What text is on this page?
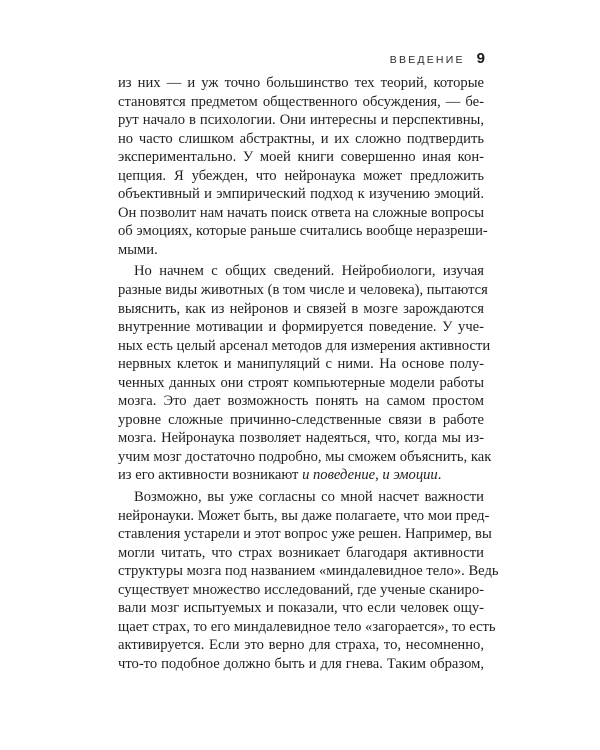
ВВЕДЕНИЕ 9
из них — и уж точно большинство тех теорий, которые
становятся предметом общественного обсуждения, — бе-
рут начало в психологии. Они интересны и перспективны,
но часто слишком абстрактны, и их сложно подтвердить
экспериментально. У моей книги совершенно иная кон-
цепция. Я убежден, что нейронаука может предложить
объективный и эмпирический подход к изучению эмоций.
Он позволит нам начать поиск ответа на сложные вопросы
об эмоциях, которые раньше считались вообще неразреши-
мыми.
Но начнем с общих сведений. Нейробиологи, изучая
разные виды животных (в том числе и человека), пытаются
выяснить, как из нейронов и связей в мозге зарождаются
внутренние мотивации и формируется поведение. У уче-
ных есть целый арсенал методов для измерения активности
нервных клеток и манипуляций с ними. На основе полу-
ченных данных они строят компьютерные модели работы
мозга. Это дает возможность понять на самом простом
уровне сложные причинно-следственные связи в работе
мозга. Нейронаука позволяет надеяться, что, когда мы из-
учим мозг достаточно подробно, мы сможем объяснить, как
из его активности возникают и поведение, и эмоции.
Возможно, вы уже согласны со мной насчет важности
нейронауки. Может быть, вы даже полагаете, что мои пред-
ставления устарели и этот вопрос уже решен. Например, вы
могли читать, что страх возникает благодаря активности
структуры мозга под названием «миндалевидное тело». Ведь
существует множество исследований, где ученые сканиро-
вали мозг испытуемых и показали, что если человек ощу-
щает страх, то его миндалевидное тело «загорается», то есть
активируется. Если это верно для страха, то, несомненно,
что-то подобное должно быть и для гнева. Таким образом,
